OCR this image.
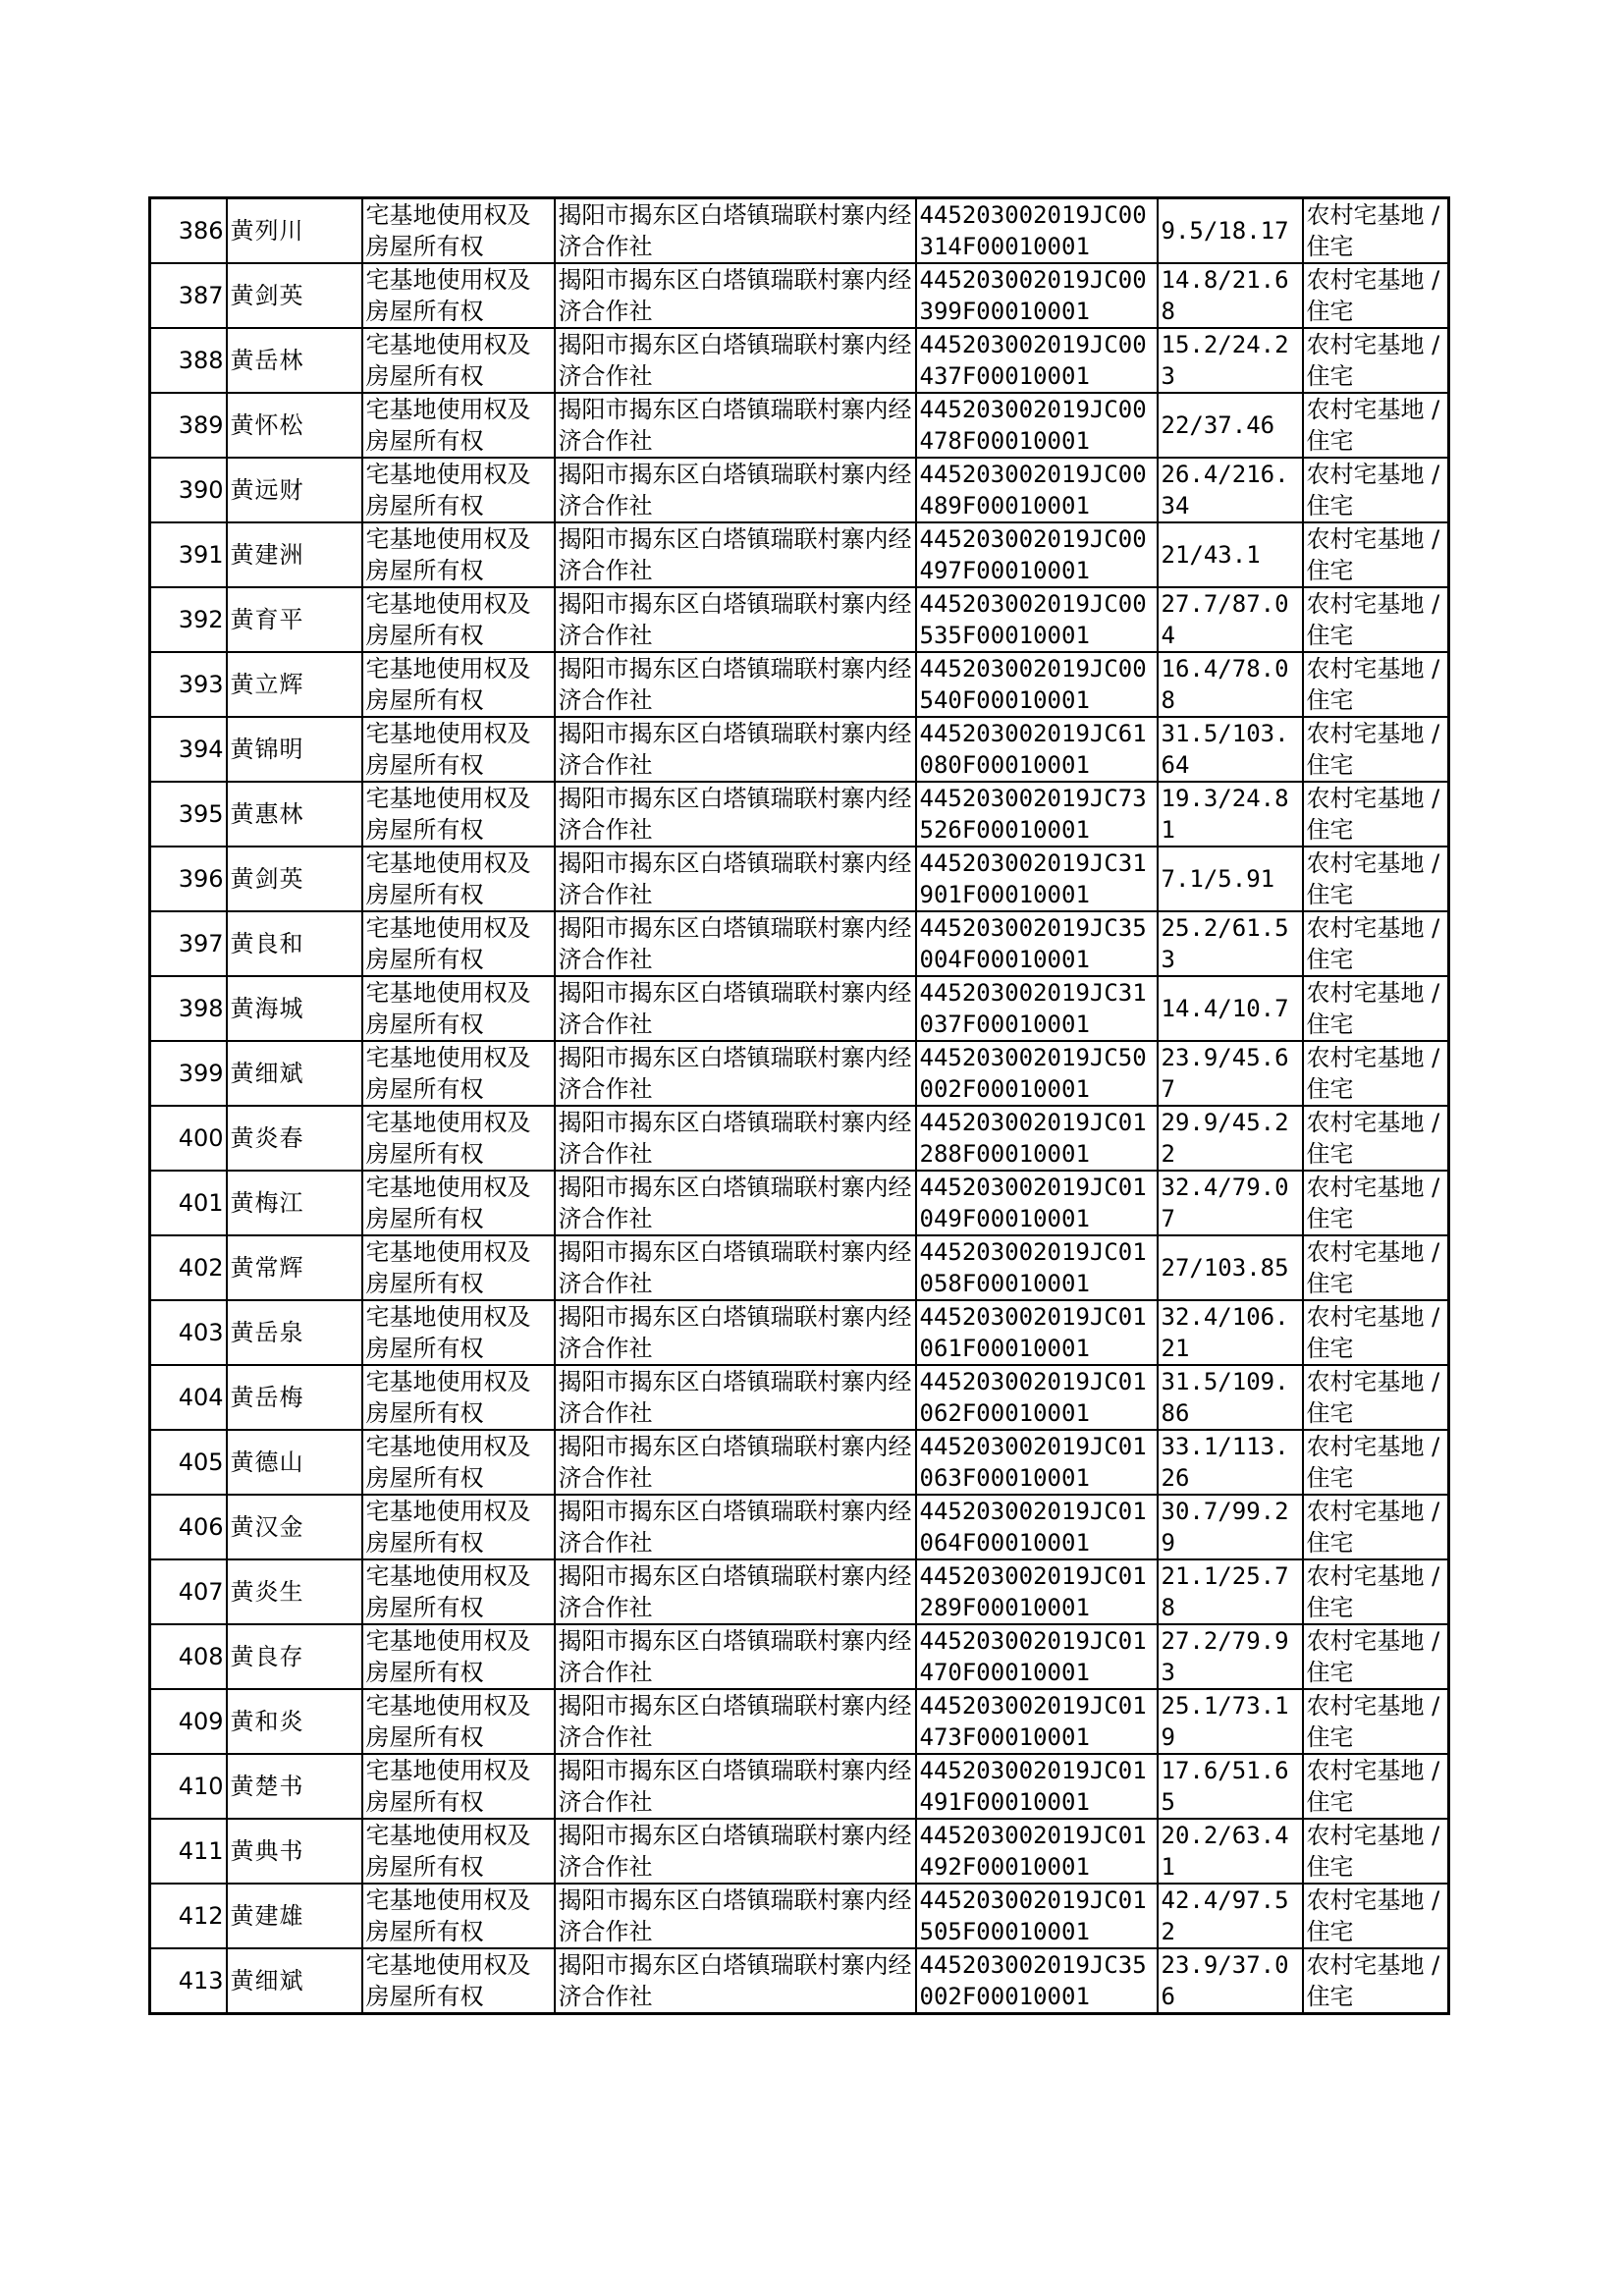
386	黄列川	宅基地使用权及房屋所有权	揭阳市揭东区白塔镇瑞联村寨内经济合作社	445203002019JC00314F00010001	9.5/18.17	农村宅基地 / 住宅
387	黄剑英	宅基地使用权及房屋所有权	揭阳市揭东区白塔镇瑞联村寨内经济合作社	445203002019JC00399F00010001	14.8/21.68	农村宅基地 / 住宅
388	黄岳林	宅基地使用权及房屋所有权	揭阳市揭东区白塔镇瑞联村寨内经济合作社	445203002019JC00437F00010001	15.2/24.23	农村宅基地 / 住宅
389	黄怀松	宅基地使用权及房屋所有权	揭阳市揭东区白塔镇瑞联村寨内经济合作社	445203002019JC00478F00010001	22/37.46	农村宅基地 / 住宅
390	黄远财	宅基地使用权及房屋所有权	揭阳市揭东区白塔镇瑞联村寨内经济合作社	445203002019JC00489F00010001	26.4/216.34	农村宅基地 / 住宅
391	黄建洲	宅基地使用权及房屋所有权	揭阳市揭东区白塔镇瑞联村寨内经济合作社	445203002019JC00497F00010001	21/43.1	农村宅基地 / 住宅
392	黄育平	宅基地使用权及房屋所有权	揭阳市揭东区白塔镇瑞联村寨内经济合作社	445203002019JC00535F00010001	27.7/87.04	农村宅基地 / 住宅
393	黄立辉	宅基地使用权及房屋所有权	揭阳市揭东区白塔镇瑞联村寨内经济合作社	445203002019JC00540F00010001	16.4/78.08	农村宅基地 / 住宅
394	黄锦明	宅基地使用权及房屋所有权	揭阳市揭东区白塔镇瑞联村寨内经济合作社	445203002019JC61080F00010001	31.5/103.64	农村宅基地 / 住宅
395	黄惠林	宅基地使用权及房屋所有权	揭阳市揭东区白塔镇瑞联村寨内经济合作社	445203002019JC73526F00010001	19.3/24.81	农村宅基地 / 住宅
396	黄剑英	宅基地使用权及房屋所有权	揭阳市揭东区白塔镇瑞联村寨内经济合作社	445203002019JC31901F00010001	7.1/5.91	农村宅基地 / 住宅
397	黄良和	宅基地使用权及房屋所有权	揭阳市揭东区白塔镇瑞联村寨内经济合作社	445203002019JC35004F00010001	25.2/61.53	农村宅基地 / 住宅
398	黄海城	宅基地使用权及房屋所有权	揭阳市揭东区白塔镇瑞联村寨内经济合作社	445203002019JC31037F00010001	14.4/10.7	农村宅基地 / 住宅
399	黄细斌	宅基地使用权及房屋所有权	揭阳市揭东区白塔镇瑞联村寨内经济合作社	445203002019JC50002F00010001	23.9/45.67	农村宅基地 / 住宅
400	黄炎春	宅基地使用权及房屋所有权	揭阳市揭东区白塔镇瑞联村寨内经济合作社	445203002019JC01288F00010001	29.9/45.22	农村宅基地 / 住宅
401	黄梅江	宅基地使用权及房屋所有权	揭阳市揭东区白塔镇瑞联村寨内经济合作社	445203002019JC01049F00010001	32.4/79.07	农村宅基地 / 住宅
402	黄常辉	宅基地使用权及房屋所有权	揭阳市揭东区白塔镇瑞联村寨内经济合作社	445203002019JC01058F00010001	27/103.85	农村宅基地 / 住宅
403	黄岳泉	宅基地使用权及房屋所有权	揭阳市揭东区白塔镇瑞联村寨内经济合作社	445203002019JC01061F00010001	32.4/106.21	农村宅基地 / 住宅
404	黄岳梅	宅基地使用权及房屋所有权	揭阳市揭东区白塔镇瑞联村寨内经济合作社	445203002019JC01062F00010001	31.5/109.86	农村宅基地 / 住宅
405	黄德山	宅基地使用权及房屋所有权	揭阳市揭东区白塔镇瑞联村寨内经济合作社	445203002019JC01063F00010001	33.1/113.26	农村宅基地 / 住宅
406	黄汉金	宅基地使用权及房屋所有权	揭阳市揭东区白塔镇瑞联村寨内经济合作社	445203002019JC01064F00010001	30.7/99.29	农村宅基地 / 住宅
407	黄炎生	宅基地使用权及房屋所有权	揭阳市揭东区白塔镇瑞联村寨内经济合作社	445203002019JC01289F00010001	21.1/25.78	农村宅基地 / 住宅
408	黄良存	宅基地使用权及房屋所有权	揭阳市揭东区白塔镇瑞联村寨内经济合作社	445203002019JC01470F00010001	27.2/79.93	农村宅基地 / 住宅
409	黄和炎	宅基地使用权及房屋所有权	揭阳市揭东区白塔镇瑞联村寨内经济合作社	445203002019JC01473F00010001	25.1/73.19	农村宅基地 / 住宅
410	黄楚书	宅基地使用权及房屋所有权	揭阳市揭东区白塔镇瑞联村寨内经济合作社	445203002019JC01491F00010001	17.6/51.65	农村宅基地 / 住宅
411	黄典书	宅基地使用权及房屋所有权	揭阳市揭东区白塔镇瑞联村寨内经济合作社	445203002019JC01492F00010001	20.2/63.41	农村宅基地 / 住宅
412	黄建雄	宅基地使用权及房屋所有权	揭阳市揭东区白塔镇瑞联村寨内经济合作社	445203002019JC01505F00010001	42.4/97.52	农村宅基地 / 住宅
413	黄细斌	宅基地使用权及房屋所有权	揭阳市揭东区白塔镇瑞联村寨内经济合作社	445203002019JC35002F00010001	23.9/37.06	农村宅基地 / 住宅
